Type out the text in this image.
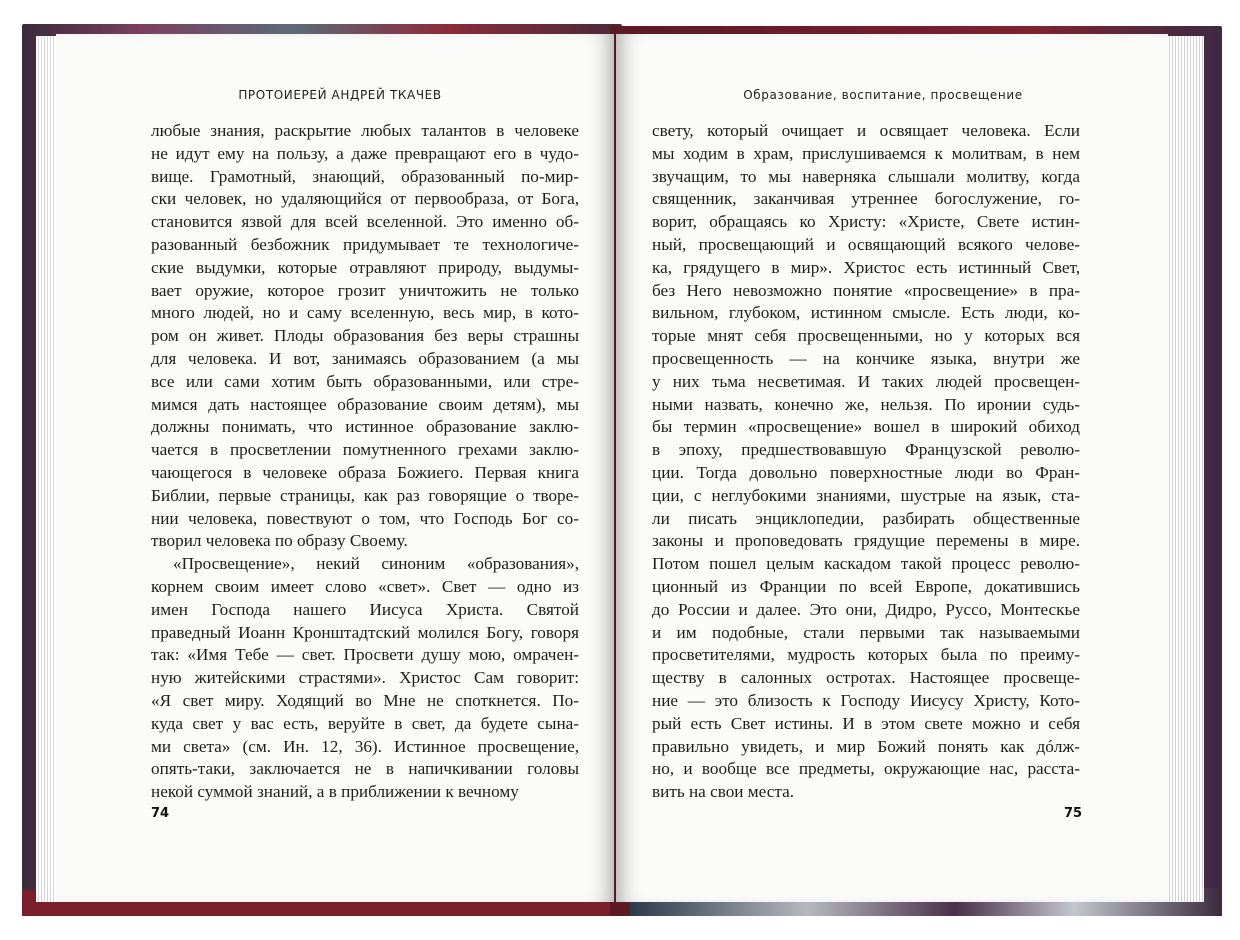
ПРОТОИЕРЕЙ АНДРЕЙ ТКАЧЕВ
любые знания, раскрытие любых талантов в человеке
не идут ему на пользу, а даже превращают его в чудо-
вище. Грамотный, знающий, образованный по-мир-
ски человек, но удаляющийся от первообраза, от Бога,
становится язвой для всей вселенной. Это именно об-
разованный безбожник придумывает те технологиче-
ские выдумки, которые отравляют природу, выдумы-
вает оружие, которое грозит уничтожить не только
много людей, но и саму вселенную, весь мир, в кото-
ром он живет. Плоды образования без веры страшны
для человека. И вот, занимаясь образованием (а мы
все или сами хотим быть образованными, или стре-
мимся дать настоящее образование своим детям), мы
должны понимать, что истинное образование заклю-
чается в просветлении помутненного грехами заклю-
чающегося в человеке образа Божиего. Первая книга
Библии, первые страницы, как раз говорящие о творе-
нии человека, повествуют о том, что Господь Бог со-
творил человека по образу Своему.
«Просвещение», некий синоним «образования»,
корнем своим имеет слово «свет». Свет — одно из
имен Господа нашего Иисуса Христа. Святой
праведный Иоанн Кронштадтский молился Богу, говоря
так: «Имя Тебе — свет. Просвети душу мою, омрачен-
ную житейскими страстями». Христос Сам говорит:
«Я свет миру. Ходящий во Мне не споткнется. По-
куда свет у вас есть, веруйте в свет, да будете сына-
ми света» (см. Ин. 12, 36). Истинное просвещение,
опять-таки, заключается не в напичкивании головы
некой суммой знаний, а в приближении к вечному
74
Образование, воспитание, просвещение
свету, который очищает и освящает человека. Если
мы ходим в храм, прислушиваемся к молитвам, в нем
звучащим, то мы наверняка слышали молитву, когда
священник, заканчивая утреннее богослужение, го-
ворит, обращаясь ко Христу: «Христе, Свете истин-
ный, просвещающий и освящающий всякого челове-
ка, грядущего в мир». Христос есть истинный Свет,
без Него невозможно понятие «просвещение» в пра-
вильном, глубоком, истинном смысле. Есть люди, ко-
торые мнят себя просвещенными, но у которых вся
просвещенность — на кончике языка, внутри же
у них тьма несветимая. И таких людей просвещен-
ными назвать, конечно же, нельзя. По иронии судь-
бы термин «просвещение» вошел в широкий обиход
в эпоху, предшествовавшую Французской револю-
ции. Тогда довольно поверхностные люди во Фран-
ции, с неглубокими знаниями, шустрые на язык, ста-
ли писать энциклопедии, разбирать общественные
законы и проповедовать грядущие перемены в мире.
Потом пошел целым каскадом такой процесс револю-
ционный из Франции по всей Европе, докатившись
до России и далее. Это они, Дидро, Руссо, Монтескье
и им подобные, стали первыми так называемыми
просветителями, мудрость которых была по преиму-
ществу в салонных остротах. Настоящее просвеще-
ние — это близость к Господу Иисусу Христу, Кото-
рый есть Свет истины. И в этом свете можно и себя
правильно увидеть, и мир Божий понять как дóлж-
но, и вообще все предметы, окружающие нас, расста-
вить на свои места.
75
